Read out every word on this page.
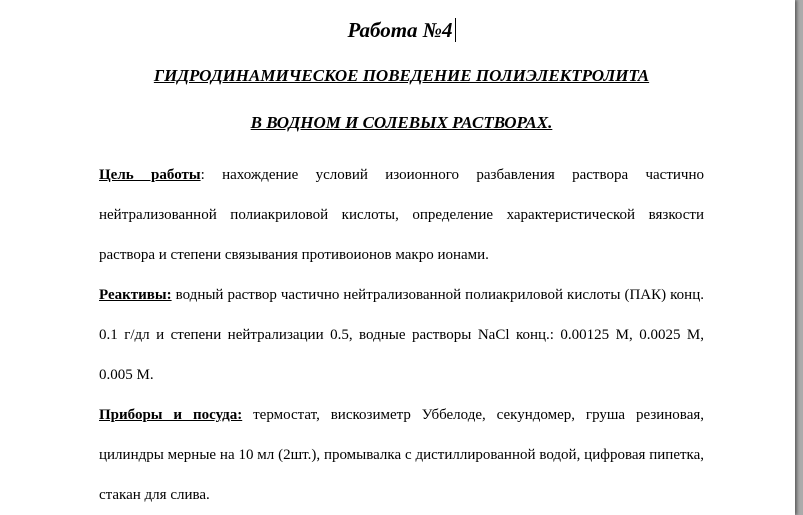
Работа №4

ГИДРОДИНАМИЧЕСКОЕ ПОВЕДЕНИЕ ПОЛИЭЛЕКТРОЛИТА

В ВОДНОМ И СОЛЕВЫХ РАСТВОРАХ.

Цель работы: нахождение условий изоионного разбавления раствора частично нейтрализованной полиакриловой кислоты, определение характеристической вязкости раствора и степени связывания противоионов макро ионами.

Реактивы: водный раствор частично нейтрализованной полиакриловой кислоты (ПАК) конц. 0.1 г/дл и степени нейтрализации 0.5, водные растворы NaCl конц.: 0.00125 М, 0.0025 М, 0.005 М.

Приборы и посуда: термостат, вискозиметр Уббелоде, секундомер, груша резиновая, цилиндры мерные на 10 мл (2шт.), промывалка с дистиллированной водой, цифровая пипетка, стакан для слива.
